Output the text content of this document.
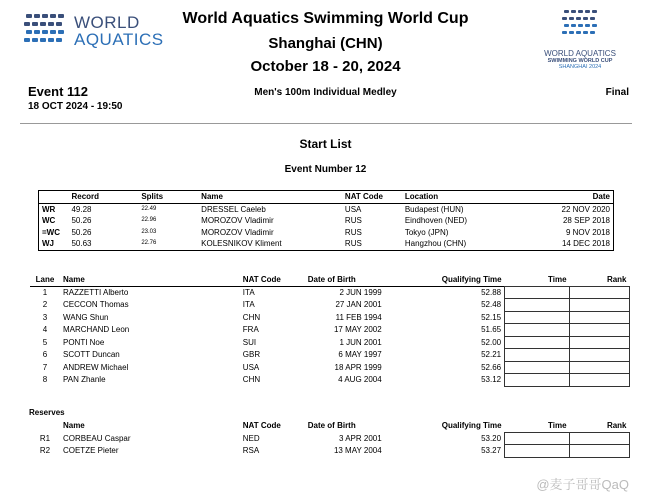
WORLD
AQUATICS
World Aquatics Swimming World Cup
Shanghai (CHN)
October 18 - 20, 2024
WORLD AQUATICS
SWIMMING WORLD CUP
SHANGHAI 2024
Event 112
18 OCT 2024 - 19:50
Men's 100m Individual Medley	Final
Start List
Event Number 12
	Record	Splits	Name	NAT Code	Location	Date
WR	49.28	22.49	DRESSEL Caeleb	USA	Budapest (HUN)	22 NOV 2020
WC	50.26	22.96	MOROZOV Vladimir	RUS	Eindhoven (NED)	28 SEP 2018
=WC	50.26	23.03	MOROZOV Vladimir	RUS	Tokyo (JPN)	9 NOV 2018
WJ	50.63	22.76	KOLESNIKOV Kliment	RUS	Hangzhou (CHN)	14 DEC 2018
Lane	Name	NAT Code	Date of Birth	Qualifying Time	Time	Rank
1	RAZZETTI Alberto	ITA	2 JUN 1999	52.88		
2	CECCON Thomas	ITA	27 JAN 2001	52.48		
3	WANG Shun	CHN	11 FEB 1994	52.15		
4	MARCHAND Leon	FRA	17 MAY 2002	51.65		
5	PONTI Noe	SUI	1 JUN 2001	52.00		
6	SCOTT Duncan	GBR	6 MAY 1997	52.21		
7	ANDREW Michael	USA	18 APR 1999	52.66		
8	PAN Zhanle	CHN	4 AUG 2004	53.12		
Reserves
	Name	NAT Code	Date of Birth	Qualifying Time	Time	Rank
R1	CORBEAU Caspar	NED	3 APR 2001	53.20		
R2	COETZE Pieter	RSA	13 MAY 2004	53.27		
@麦子哥哥QaQ
